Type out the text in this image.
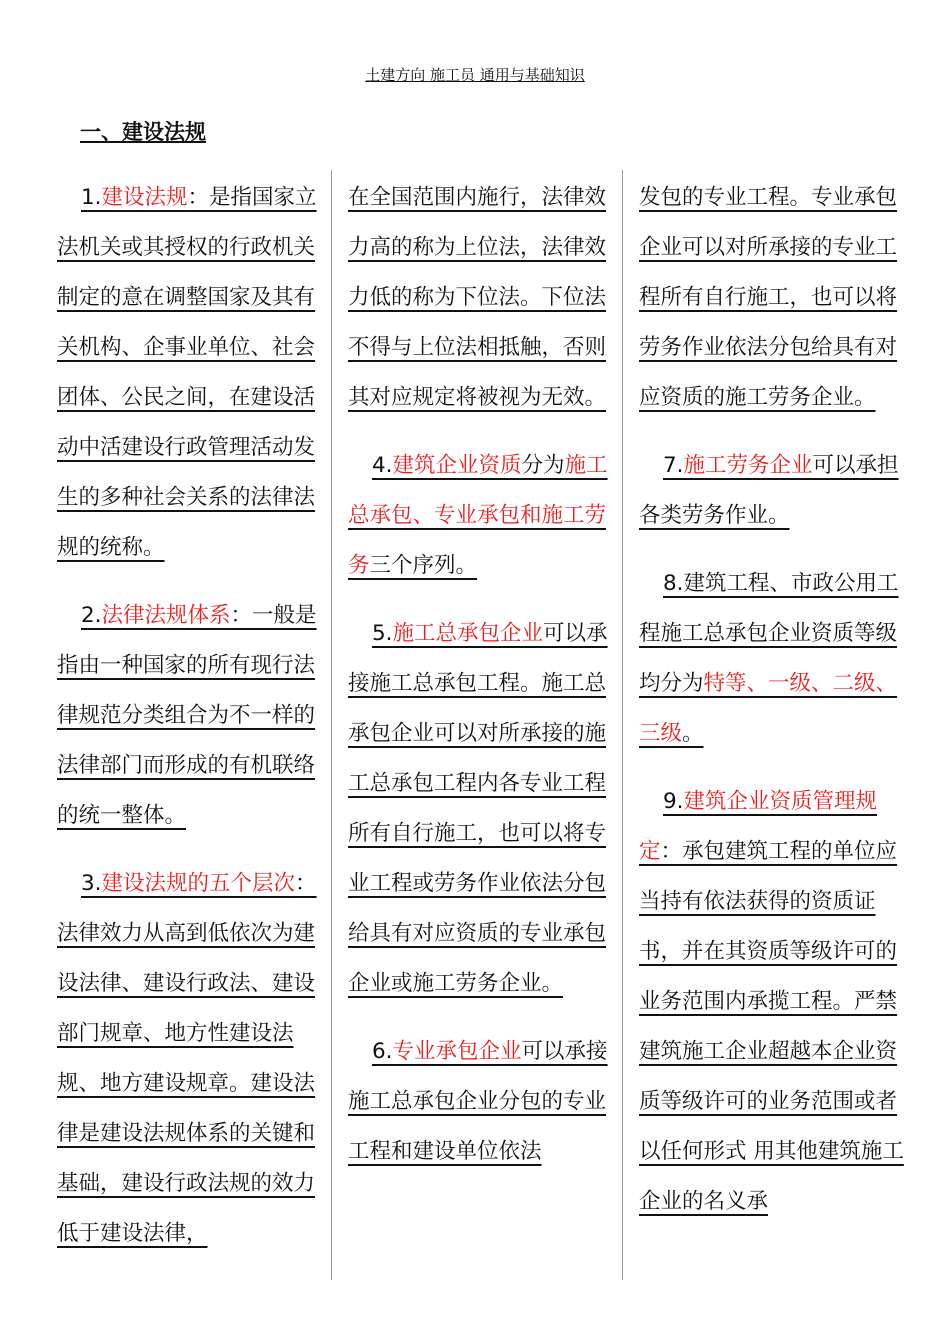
土建方向 施工员 通用与基础知识
一、建设法规

1.建设法规：是指国家立法机关或其授权的行政机关制定的意在调整国家及其有关机构、企事业单位、社会团体、公民之间，在建设活动中活建设行政管理活动发生的多种社会关系的法律法规的统称。

2.法律法规体系：一般是指由一种国家的所有现行法律规范分类组合为不一样的法律部门而形成的有机联络的统一整体。

3.建设法规的五个层次：法律效力从高到低依次为建设法律、建设行政法、建设部门规章、地方性建设法规、地方建设规章。建设法律是建设法规体系的关键和基础，建设行政法规的效力低于建设法律，

在全国范围内施行，法律效力高的称为上位法，法律效力低的称为下位法。下位法不得与上位法相抵触，否则其对应规定将被视为无效。

4.建筑企业资质分为施工总承包、专业承包和施工劳务三个序列。

5.施工总承包企业可以承接施工总承包工程。施工总承包企业可以对所承接的施工总承包工程内各专业工程所有自行施工，也可以将专业工程或劳务作业依法分包给具有对应资质的专业承包企业或施工劳务企业。

6.专业承包企业可以承接施工总承包企业分包的专业工程和建设单位依法

发包的专业工程。专业承包企业可以对所承接的专业工程所有自行施工，也可以将劳务作业依法分包给具有对应资质的施工劳务企业。

7.施工劳务企业可以承担各类劳务作业。

8.建筑工程、市政公用工程施工总承包企业资质等级均分为特等、一级、二级、三级。

9.建筑企业资质管理规定：承包建筑工程的单位应当持有依法获得的资质证书，并在其资质等级许可的业务范围内承揽工程。严禁建筑施工企业超越本企业资质等级许可的业务范围或者以任何形式 用其他建筑施工企业的名义承
